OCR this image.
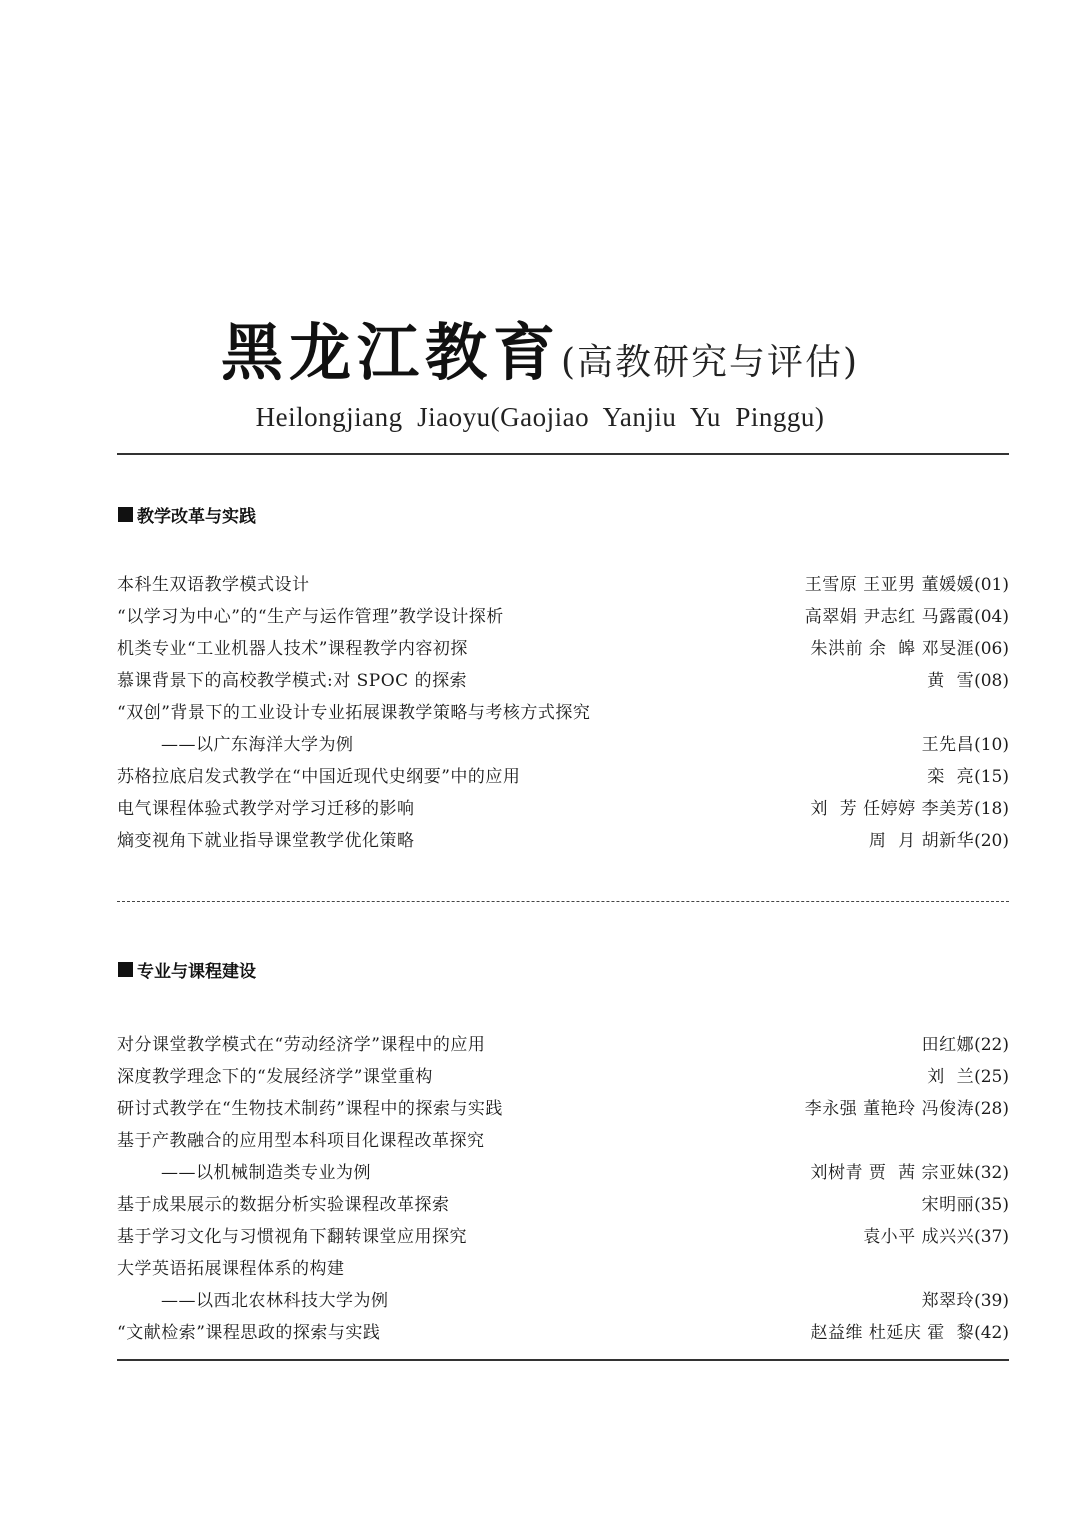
黑龙江教育(高教研究与评估)
Heilongjiang  Jiaoyu(Gaojiao  Yanjiu  Yu  Pinggu)
教学改革与实践
本科生双语教学模式设计	王雪原 王亚男 董媛媛(01)
“以学习为中心”的“生产与运作管理”教学设计探析	高翠娟 尹志红 马露霞(04)
机类专业“工业机器人技术”课程教学内容初探	朱洪前 余  皞 邓旻涯(06)
慕课背景下的高校教学模式:对 SPOC 的探索	黄  雪(08)
“双创”背景下的工业设计专业拓展课教学策略与考核方式探究
——以广东海洋大学为例	王先昌(10)
苏格拉底启发式教学在“中国近现代史纲要”中的应用	栾  亮(15)
电气课程体验式教学对学习迁移的影响	刘  芳 任婷婷 李美芳(18)
熵变视角下就业指导课堂教学优化策略	周  月 胡新华(20)
专业与课程建设
对分课堂教学模式在“劳动经济学”课程中的应用	田红娜(22)
深度教学理念下的“发展经济学”课堂重构	刘  兰(25)
研讨式教学在“生物技术制药”课程中的探索与实践	李永强 董艳玲 冯俊涛(28)
基于产教融合的应用型本科项目化课程改革探究
——以机械制造类专业为例	刘树青 贾  茜 宗亚妹(32)
基于成果展示的数据分析实验课程改革探索	宋明丽(35)
基于学习文化与习惯视角下翻转课堂应用探究	袁小平 成兴兴(37)
大学英语拓展课程体系的构建
——以西北农林科技大学为例	郑翠玲(39)
“文献检索”课程思政的探索与实践	赵益维 杜延庆 霍  黎(42)
